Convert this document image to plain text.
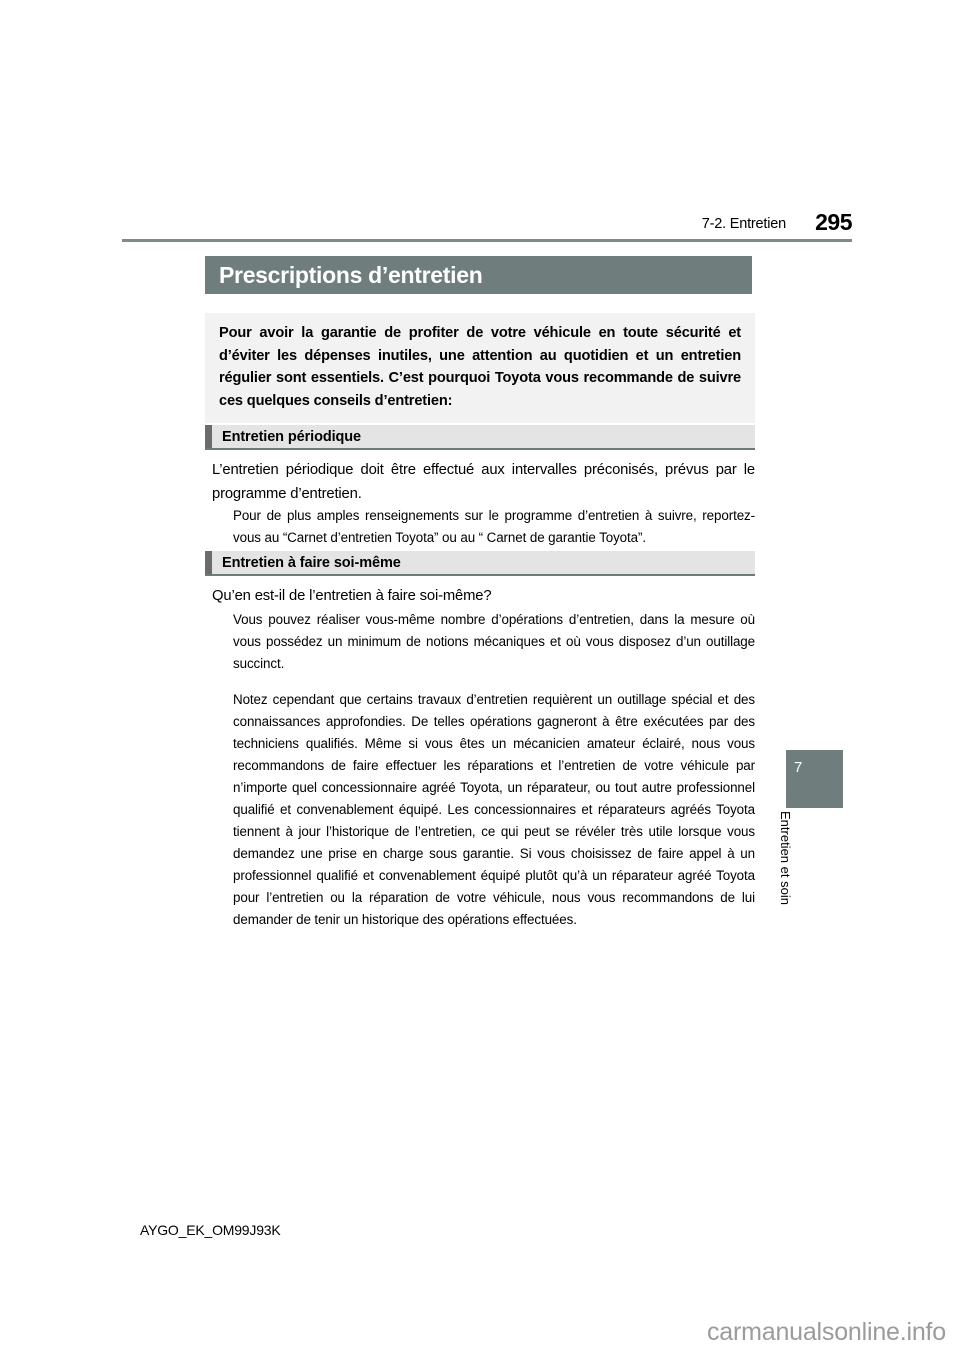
7-2. Entretien	295
Prescriptions d’entretien
Pour avoir la garantie de profiter de votre véhicule en toute sécurité et d’éviter les dépenses inutiles, une attention au quotidien et un entretien régulier sont essentiels. C’est pourquoi Toyota vous recommande de suivre ces quelques conseils d’entretien:
Entretien périodique
L’entretien périodique doit être effectué aux intervalles préconisés, prévus par le programme d’entretien.

Pour de plus amples renseignements sur le programme d’entretien à suivre, reportez-vous au “Carnet d’entretien Toyota” ou au “ Carnet de garantie Toyota”.

Entretien à faire soi-même
Qu’en est-il de l’entretien à faire soi-même?

Vous pouvez réaliser vous-même nombre d’opérations d’entretien, dans la mesure où vous possédez un minimum de notions mécaniques et où vous disposez d’un outillage succinct.

Notez cependant que certains travaux d’entretien requièrent un outillage spécial et des connaissances approfondies. De telles opérations gagneront à être exécutées par des techniciens qualifiés. Même si vous êtes un mécanicien amateur éclairé, nous vous recommandons de faire effectuer les réparations et l’entretien de votre véhicule par n’importe quel concessionnaire agréé Toyota, un réparateur, ou tout autre professionnel qualifié et convenablement équipé. Les concessionnaires et réparateurs agréés Toyota tiennent à jour l’historique de l’entretien, ce qui peut se révéler très utile lorsque vous demandez une prise en charge sous garantie. Si vous choisissez de faire appel à un professionnel qualifié et convenablement équipé plutôt qu’à un réparateur agréé Toyota pour l’entretien ou la réparation de votre véhicule, nous vous recommandons de lui demander de tenir un historique des opérations effectuées.

7
Entretien et soin
AYGO_EK_OM99J93K
carmanualsonline.info
